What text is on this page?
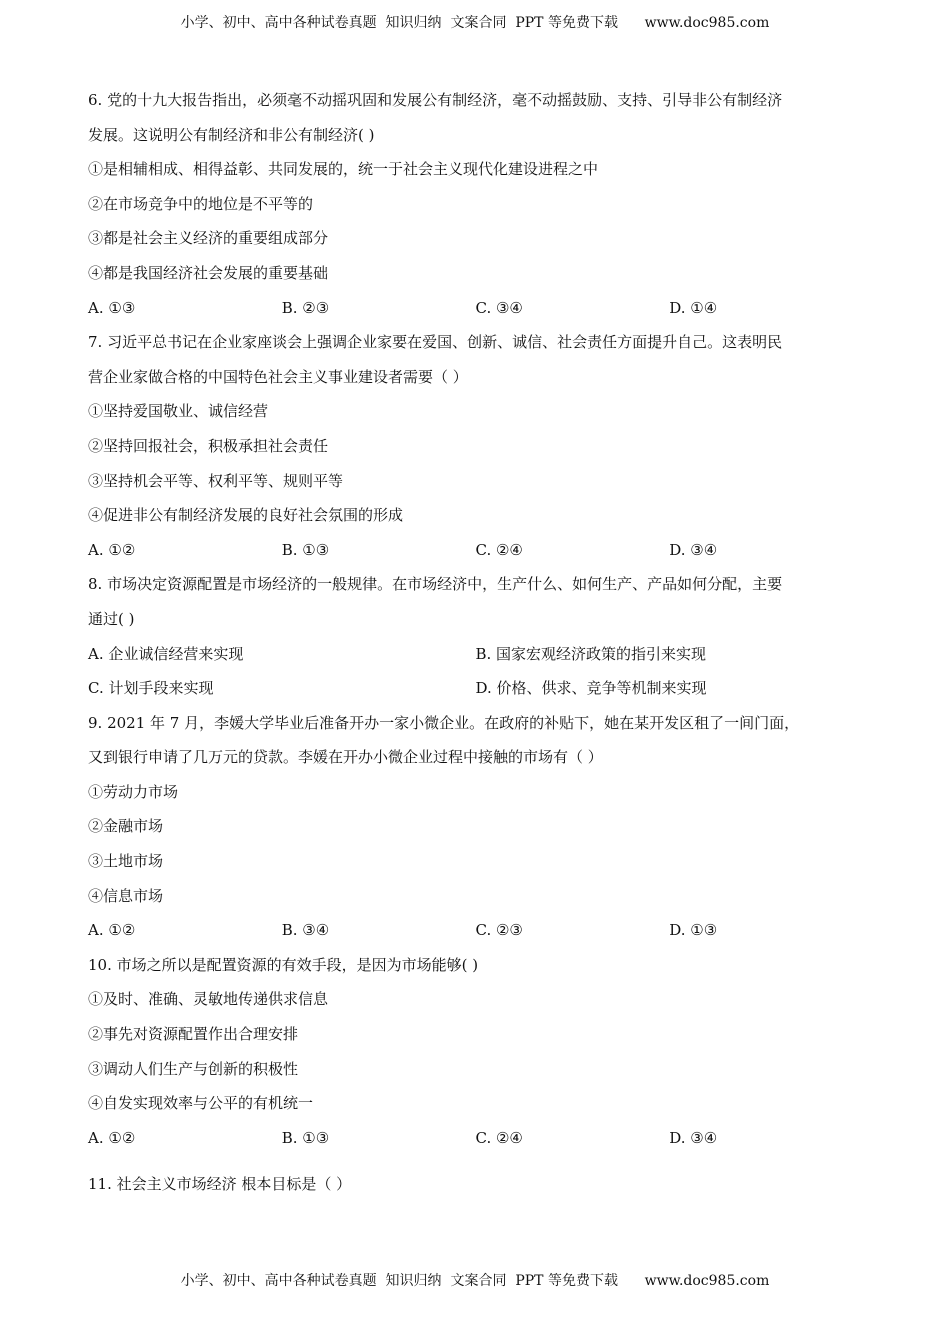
小学、初中、高中各种试卷真题  知识归纳  文案合同  PPT 等免费下载      www.doc985.com
6. 党的十九大报告指出，必须毫不动摇巩固和发展公有制经济，毫不动摇鼓励、支持、引导非公有制经济
发展。这说明公有制经济和非公有制经济( )
①是相辅相成、相得益彰、共同发展的，统一于社会主义现代化建设进程之中
②在市场竞争中的地位是不平等的
③都是社会主义经济的重要组成部分
④都是我国经济社会发展的重要基础
A. ①③	B. ②③	C. ③④	D. ①④
7. 习近平总书记在企业家座谈会上强调企业家要在爱国、创新、诚信、社会责任方面提升自己。这表明民
营企业家做合格的中国特色社会主义事业建设者需要（ ）
①坚持爱国敬业、诚信经营
②坚持回报社会，积极承担社会责任
③坚持机会平等、权利平等、规则平等
④促进非公有制经济发展的良好社会氛围的形成
A. ①②	B. ①③	C. ②④	D. ③④
8. 市场决定资源配置是市场经济的一般规律。在市场经济中，生产什么、如何生产、产品如何分配，主要
通过( )
A. 企业诚信经营来实现	B. 国家宏观经济政策的指引来实现
C. 计划手段来实现	D. 价格、供求、竞争等机制来实现
9. 2021 年 7 月，李媛大学毕业后准备开办一家小微企业。在政府的补贴下，她在某开发区租了一间门面，
又到银行申请了几万元的贷款。李媛在开办小微企业过程中接触的市场有（ ）
①劳动力市场
②金融市场
③土地市场
④信息市场
A. ①②	B. ③④	C. ②③	D. ①③
10. 市场之所以是配置资源的有效手段，是因为市场能够( )
①及时、准确、灵敏地传递供求信息
②事先对资源配置作出合理安排
③调动人们生产与创新的积极性
④自发实现效率与公平的有机统一
A. ①②	B. ①③	C. ②④	D. ③④
11. 社会主义市场经济 根本目标是（ ）
小学、初中、高中各种试卷真题  知识归纳  文案合同  PPT 等免费下载      www.doc985.com
